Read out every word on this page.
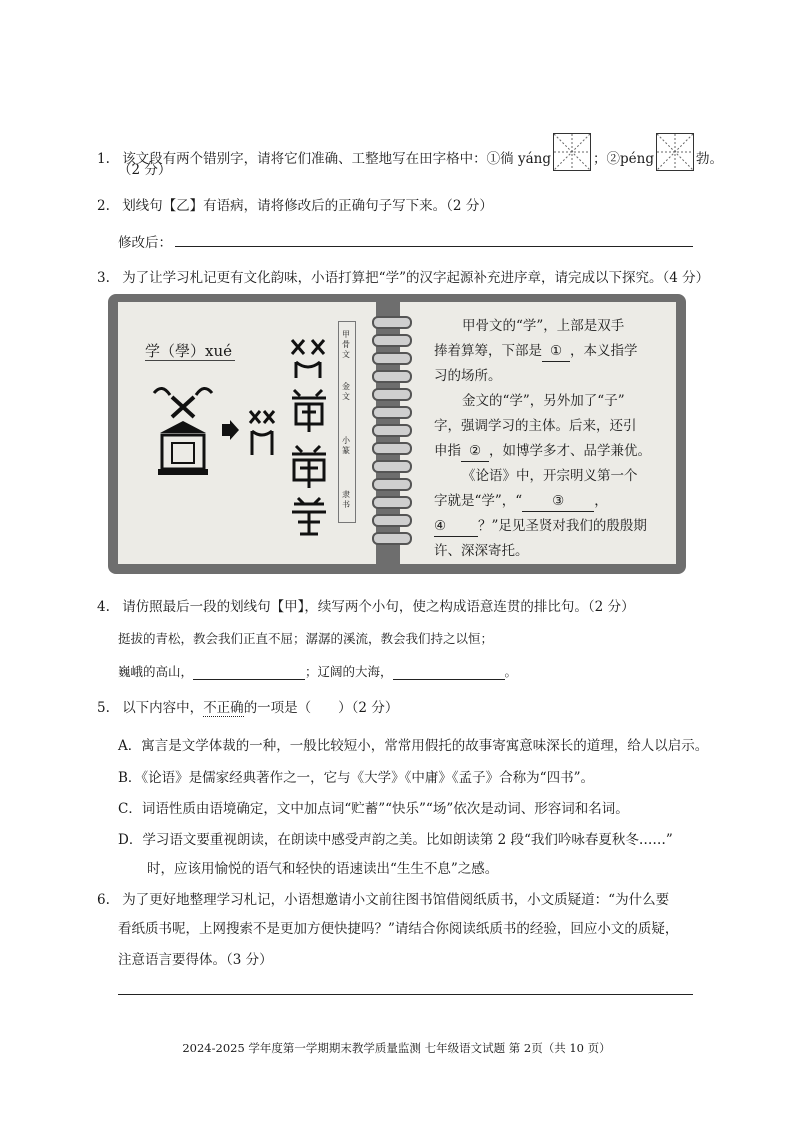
1. 该文段有两个错别字，请将它们准确、工整地写在田字格中：①徜 yáng	；②péng	勃。
（2 分）
2. 划线句【乙】有语病，请将修改后的正确句子写下来。（2 分）
修改后：
3. 为了让学习札记更有文化韵味，小语打算把“学”的汉字起源补充进序章，请完成以下探究。（4 分）
学（學）xué
甲骨文
金文
小篆
隶书
甲骨文的“学”，上部是双手
捧着算筹，下部是 ① ，本义指学
习的场所。
金文的“学”，另外加了“子”
字，强调学习的主体。后来，还引
申指 ② ，如博学多才、品学兼优。
《论语》中，开宗明义第一个
字就是“学”，“ ③ ，
④ ？”足见圣贤对我们的殷殷期
许、深深寄托。
4. 请仿照最后一段的划线句【甲】，续写两个小句，使之构成语意连贯的排比句。（2 分）
挺拔的青松，教会我们正直不屈；潺潺的溪流，教会我们持之以恒；
巍峨的高山，	；辽阔的大海，	。
5. 以下内容中，不正确的一项是（　　）（2 分）
A．寓言是文学体裁的一种，一般比较短小，常常用假托的故事寄寓意味深长的道理，给人以启示。
B．《论语》是儒家经典著作之一，它与《大学》《中庸》《孟子》合称为“四书”。
C．词语性质由语境确定，文中加点词“贮蓄”“快乐”“场”依次是动词、形容词和名词。
D．学习语文要重视朗读，在朗读中感受声韵之美。比如朗读第 2 段“我们吟咏春夏秋冬……”
时，应该用愉悦的语气和轻快的语速读出“生生不息”之感。
6. 为了更好地整理学习札记，小语想邀请小文前往图书馆借阅纸质书，小文质疑道：“为什么要
看纸质书呢，上网搜索不是更加方便快捷吗？”请结合你阅读纸质书的经验，回应小文的质疑，
注意语言要得体。（3 分）
2024-2025 学年度第一学期期末教学质量监测 七年级语文试题 第 2页（共 10 页）
